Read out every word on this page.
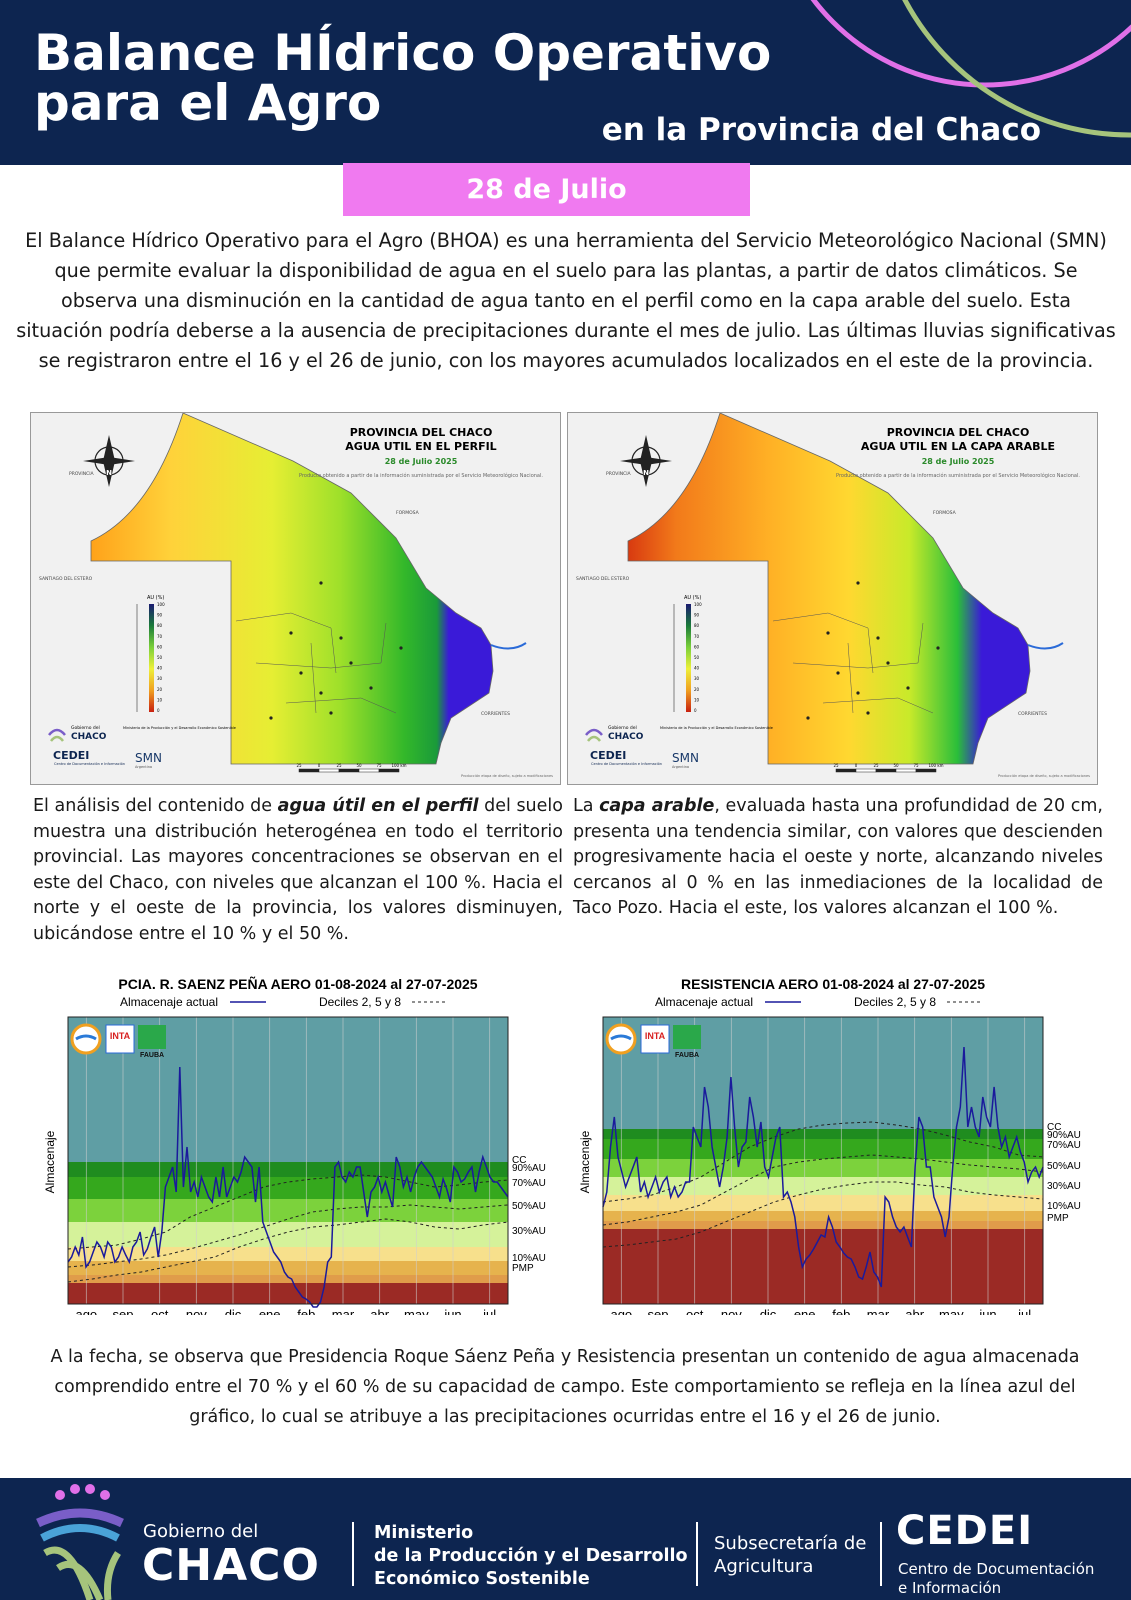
Balance HÍdrico Operativo
para el Agro	en la Provincia del Chaco
28 de Julio

El Balance Hídrico Operativo para el Agro (BHOA) es una herramienta del Servicio Meteorológico Nacional (SMN) que permite evaluar la disponibilidad de agua en el suelo para las plantas, a partir de datos climáticos. Se observa una disminución en la cantidad de agua tanto en el perfil como en la capa arable del suelo. Esta situación podría deberse a la ausencia de precipitaciones durante el mes de julio. Las últimas lluvias significativas se registraron entre el 16 y el 26 de junio, con los mayores acumulados localizados en el este de la provincia.

PROVINCIA DEL CHACO
AGUA UTIL EN EL PERFIL
28 de Julio 2025
Producto obtenido a partir de la información suministrada por el Servicio Meteorológico Nacional.
N
PROVINCIA
SANTIAGO DEL ESTERO
FORMOSA
CORRIENTES
AU (%)
100
90
80
70
60
50
40
30
20
10
0
Gobierno del
CHACO
Ministerio de la Producción y el Desarrollo Económico Sostenible
CEDEI
Centro de Documentación e Información SMN
Argentina	25	0	25	50	75 100 km
Producción etapa de diseño, sujeto a modificaciones
PROVINCIA DEL CHACO
AGUA UTIL EN LA CAPA ARABLE
28 de Julio 2025
Producto obtenido a partir de la información suministrada por el Servicio Meteorológico Nacional.
N
PROVINCIA
SANTIAGO DEL ESTERO
FORMOSA
CORRIENTES
AU (%)
100
90
80
70
60
50
40
30
20
10
0
Gobierno del
CHACO
Ministerio de la Producción y el Desarrollo Económico Sostenible
CEDEI
Centro de Documentación e Información SMN
Argentina	25	0	25	50	75 100 km
Producción etapa de diseño, sujeto a modificaciones

El análisis del contenido de agua útil en el perfil del suelo muestra una distribución heterogénea en todo el territorio provincial. Las mayores concentraciones se observan en el este del Chaco, con niveles que alcanzan el 100 %. Hacia el norte y el oeste de la provincia, los valores disminuyen, ubicándose entre el 10 % y el 50 %.

La capa arable, evaluada hasta una profundidad de 20 cm, presenta una tendencia similar, con valores que descienden progresivamente hacia el oeste y norte, alcanzando niveles cercanos al 0 % en las inmediaciones de la localidad de Taco Pozo. Hacia el este, los valores alcanzan el 100 %.

PCIA. R. SAENZ PEÑA AERO 01-08-2024 al 27-07-2025
Almacenaje actual	Deciles 2, 5 y 8
ago sep oct nov dic ene feb mar abr may jun jul
CC
90%AU
70%AU
50%AU
30%AU
10%AU
PMP
Almacenaje
INTA
FAUBA
RESISTENCIA AERO 01-08-2024 al 27-07-2025
Almacenaje actual	Deciles 2, 5 y 8
ago sep oct nov dic ene feb mar abr may jun jul
CC
90%AU
70%AU
50%AU
30%AU
10%AU
PMP
Almacenaje
INTA
FAUBA

A la fecha, se observa que Presidencia Roque Sáenz Peña y Resistencia presentan un contenido de agua almacenada comprendido entre el 70 % y el 60 % de su capacidad de campo. Este comportamiento se refleja en la línea azul del gráfico, lo cual se atribuye a las precipitaciones ocurridas entre el 16 y el 26 de junio.

Gobierno del
CHACO
Ministerio
de la Producción y el Desarrollo
Económico Sostenible
Subsecretaría de
Agricultura
CEDEI
Centro de Documentación
e Información
